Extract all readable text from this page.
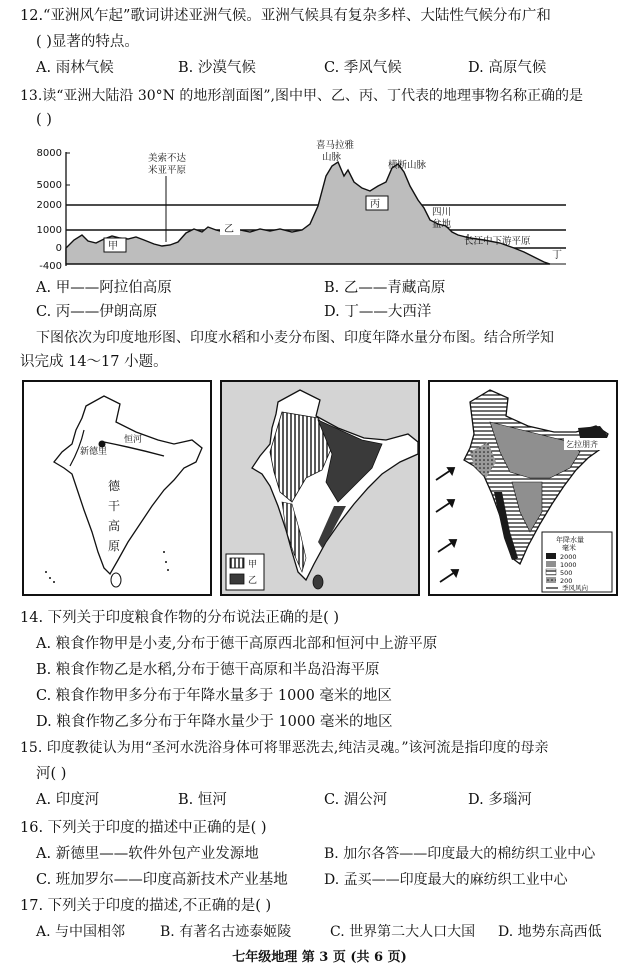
12.“亚洲风乍起”歌词讲述亚洲气候。亚洲气候具有复杂多样、大陆性气候分布广和
( )显著的特点。
A. 雨林气候	B. 沙漠气候	C. 季风气候	D. 高原气候
13.读“亚洲大陆沿 30°N 的地形剖面图”,图中甲、乙、丙、丁代表的地理事物名称正确的是
( )
8000
5000
2000
1000
0
-400
美索不达
米亚平原
喜马拉雅
山脉
横断山脉
四川
盆地
长江中下游平原
甲
乙
丙
丁
A. 甲——阿拉伯高原	B. 乙——青藏高原
C. 丙——伊朗高原	D. 丁——大西洋
下图依次为印度地形图、印度水稻和小麦分布图、印度年降水量分布图。结合所学知
识完成 14～17 小题。
恒河
新德里
德
干
高
原
甲
乙
乞拉朋齐
年降水量
毫米
2000
1000
500
200
季风风向
14. 下列关于印度粮食作物的分布说法正确的是( )
A. 粮食作物甲是小麦,分布于德干高原西北部和恒河中上游平原
B. 粮食作物乙是水稻,分布于德干高原和半岛沿海平原
C. 粮食作物甲多分布于年降水量多于 1000 毫米的地区
D. 粮食作物乙多分布于年降水量少于 1000 毫米的地区
15. 印度教徒认为用“圣河水洗浴身体可将罪恶洗去,纯洁灵魂。”该河流是指印度的母亲
河( )
A. 印度河	B. 恒河	C. 湄公河	D. 多瑙河
16. 下列关于印度的描述中正确的是( )
A. 新德里——软件外包产业发源地	B. 加尔各答——印度最大的棉纺织工业中心
C. 班加罗尔——印度高新技术产业基地	D. 孟买——印度最大的麻纺织工业中心
17. 下列关于印度的描述,不正确的是( )
A. 与中国相邻 B. 有著名古迹泰姬陵	C. 世界第二大人口大国 D. 地势东高西低
七年级地理 第 3 页 (共 6 页)
